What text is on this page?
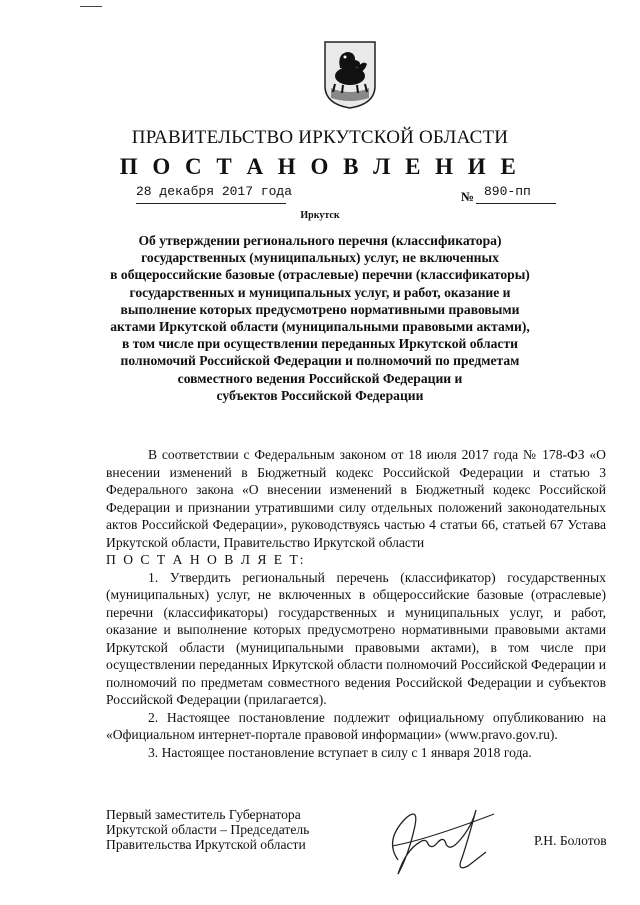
ПРАВИТЕЛЬСТВО ИРКУТСКОЙ ОБЛАСТИ
П О С Т А Н О В Л Е Н И Е
28 декабря 2017 года	№ 890-пп
Иркутск
Об утверждении регионального перечня (классификатора)
государственных (муниципальных) услуг, не включенных
в общероссийские базовые (отраслевые) перечни (классификаторы)
государственных и муниципальных услуг, и работ, оказание и
выполнение которых предусмотрено нормативными правовыми
актами Иркутской области (муниципальными правовыми актами),
в том числе при осуществлении переданных Иркутской области
полномочий Российской Федерации и полномочий по предметам
совместного ведения Российской Федерации и
субъектов Российской Федерации

В соответствии с Федеральным законом от 18 июля 2017 года № 178-ФЗ «О внесении изменений в Бюджетный кодекс Российской Федерации и статью 3 Федерального закона «О внесении изменений в Бюджетный кодекс Российской Федерации и признании утратившими силу отдельных положений законодательных актов Российской Федерации», руководствуясь частью 4 статьи 66, статьей 67 Устава Иркутской области, Правительство Иркутской области

П О С Т А Н О В Л Я Е Т:

1. Утвердить региональный перечень (классификатор) государственных (муниципальных) услуг, не включенных в общероссийские базовые (отраслевые) перечни (классификаторы) государственных и муниципальных услуг, и работ, оказание и выполнение которых предусмотрено нормативными правовыми актами Иркутской области (муниципальными правовыми актами), в том числе при осуществлении переданных Иркутской области полномочий Российской Федерации и полномочий по предметам совместного ведения Российской Федерации и субъектов Российской Федерации (прилагается).

2. Настоящее постановление подлежит официальному опубликованию на «Официальном интернет-портале правовой информации» (www.pravo.gov.ru).

3. Настоящее постановление вступает в силу с 1 января 2018 года.

Первый заместитель Губернатора
Иркутской области – Председатель
Правительства Иркутской области	Р.Н. Болотов
